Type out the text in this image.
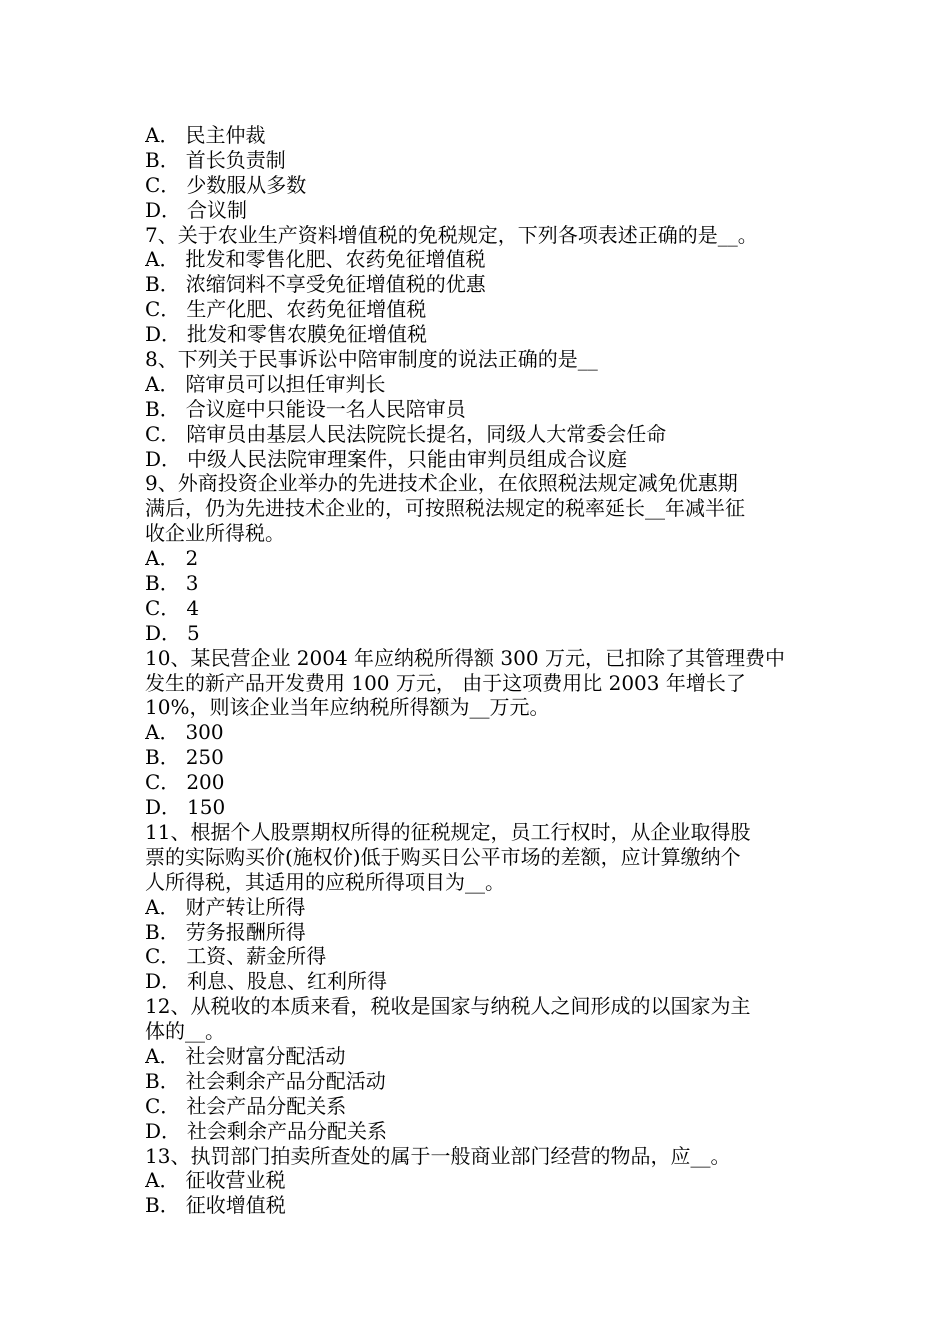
A． 民主仲裁
B． 首长负责制
C． 少数服从多数
D． 合议制
7、关于农业生产资料增值税的免税规定，下列各项表述正确的是__。
A． 批发和零售化肥、农药免征增值税
B． 浓缩饲料不享受免征增值税的优惠
C． 生产化肥、农药免征增值税
D． 批发和零售农膜免征增值税
8、下列关于民事诉讼中陪审制度的说法正确的是__
A． 陪审员可以担任审判长
B． 合议庭中只能设一名人民陪审员
C． 陪审员由基层人民法院院长提名，同级人大常委会任命
D． 中级人民法院审理案件，只能由审判员组成合议庭
9、外商投资企业举办的先进技术企业，在依照税法规定减免优惠期
满后，仍为先进技术企业的，可按照税法规定的税率延长__年减半征
收企业所得税。
A． 2
B． 3
C． 4
D． 5
10、某民营企业 2004 年应纳税所得额 300 万元，已扣除了其管理费中
发生的新产品开发费用 100 万元， 由于这项费用比 2003 年增长了
10%，则该企业当年应纳税所得额为__万元。
A． 300
B． 250
C． 200
D． 150
11、根据个人股票期权所得的征税规定，员工行权时，从企业取得股
票的实际购买价(施权价)低于购买日公平市场的差额，应计算缴纳个
人所得税，其适用的应税所得项目为__。
A． 财产转让所得
B． 劳务报酬所得
C． 工资、薪金所得
D． 利息、股息、红利所得
12、从税收的本质来看，税收是国家与纳税人之间形成的以国家为主
体的__。
A． 社会财富分配活动
B． 社会剩余产品分配活动
C． 社会产品分配关系
D． 社会剩余产品分配关系
13、执罚部门拍卖所查处的属于一般商业部门经营的物品，应__。
A． 征收营业税
B． 征收增值税
